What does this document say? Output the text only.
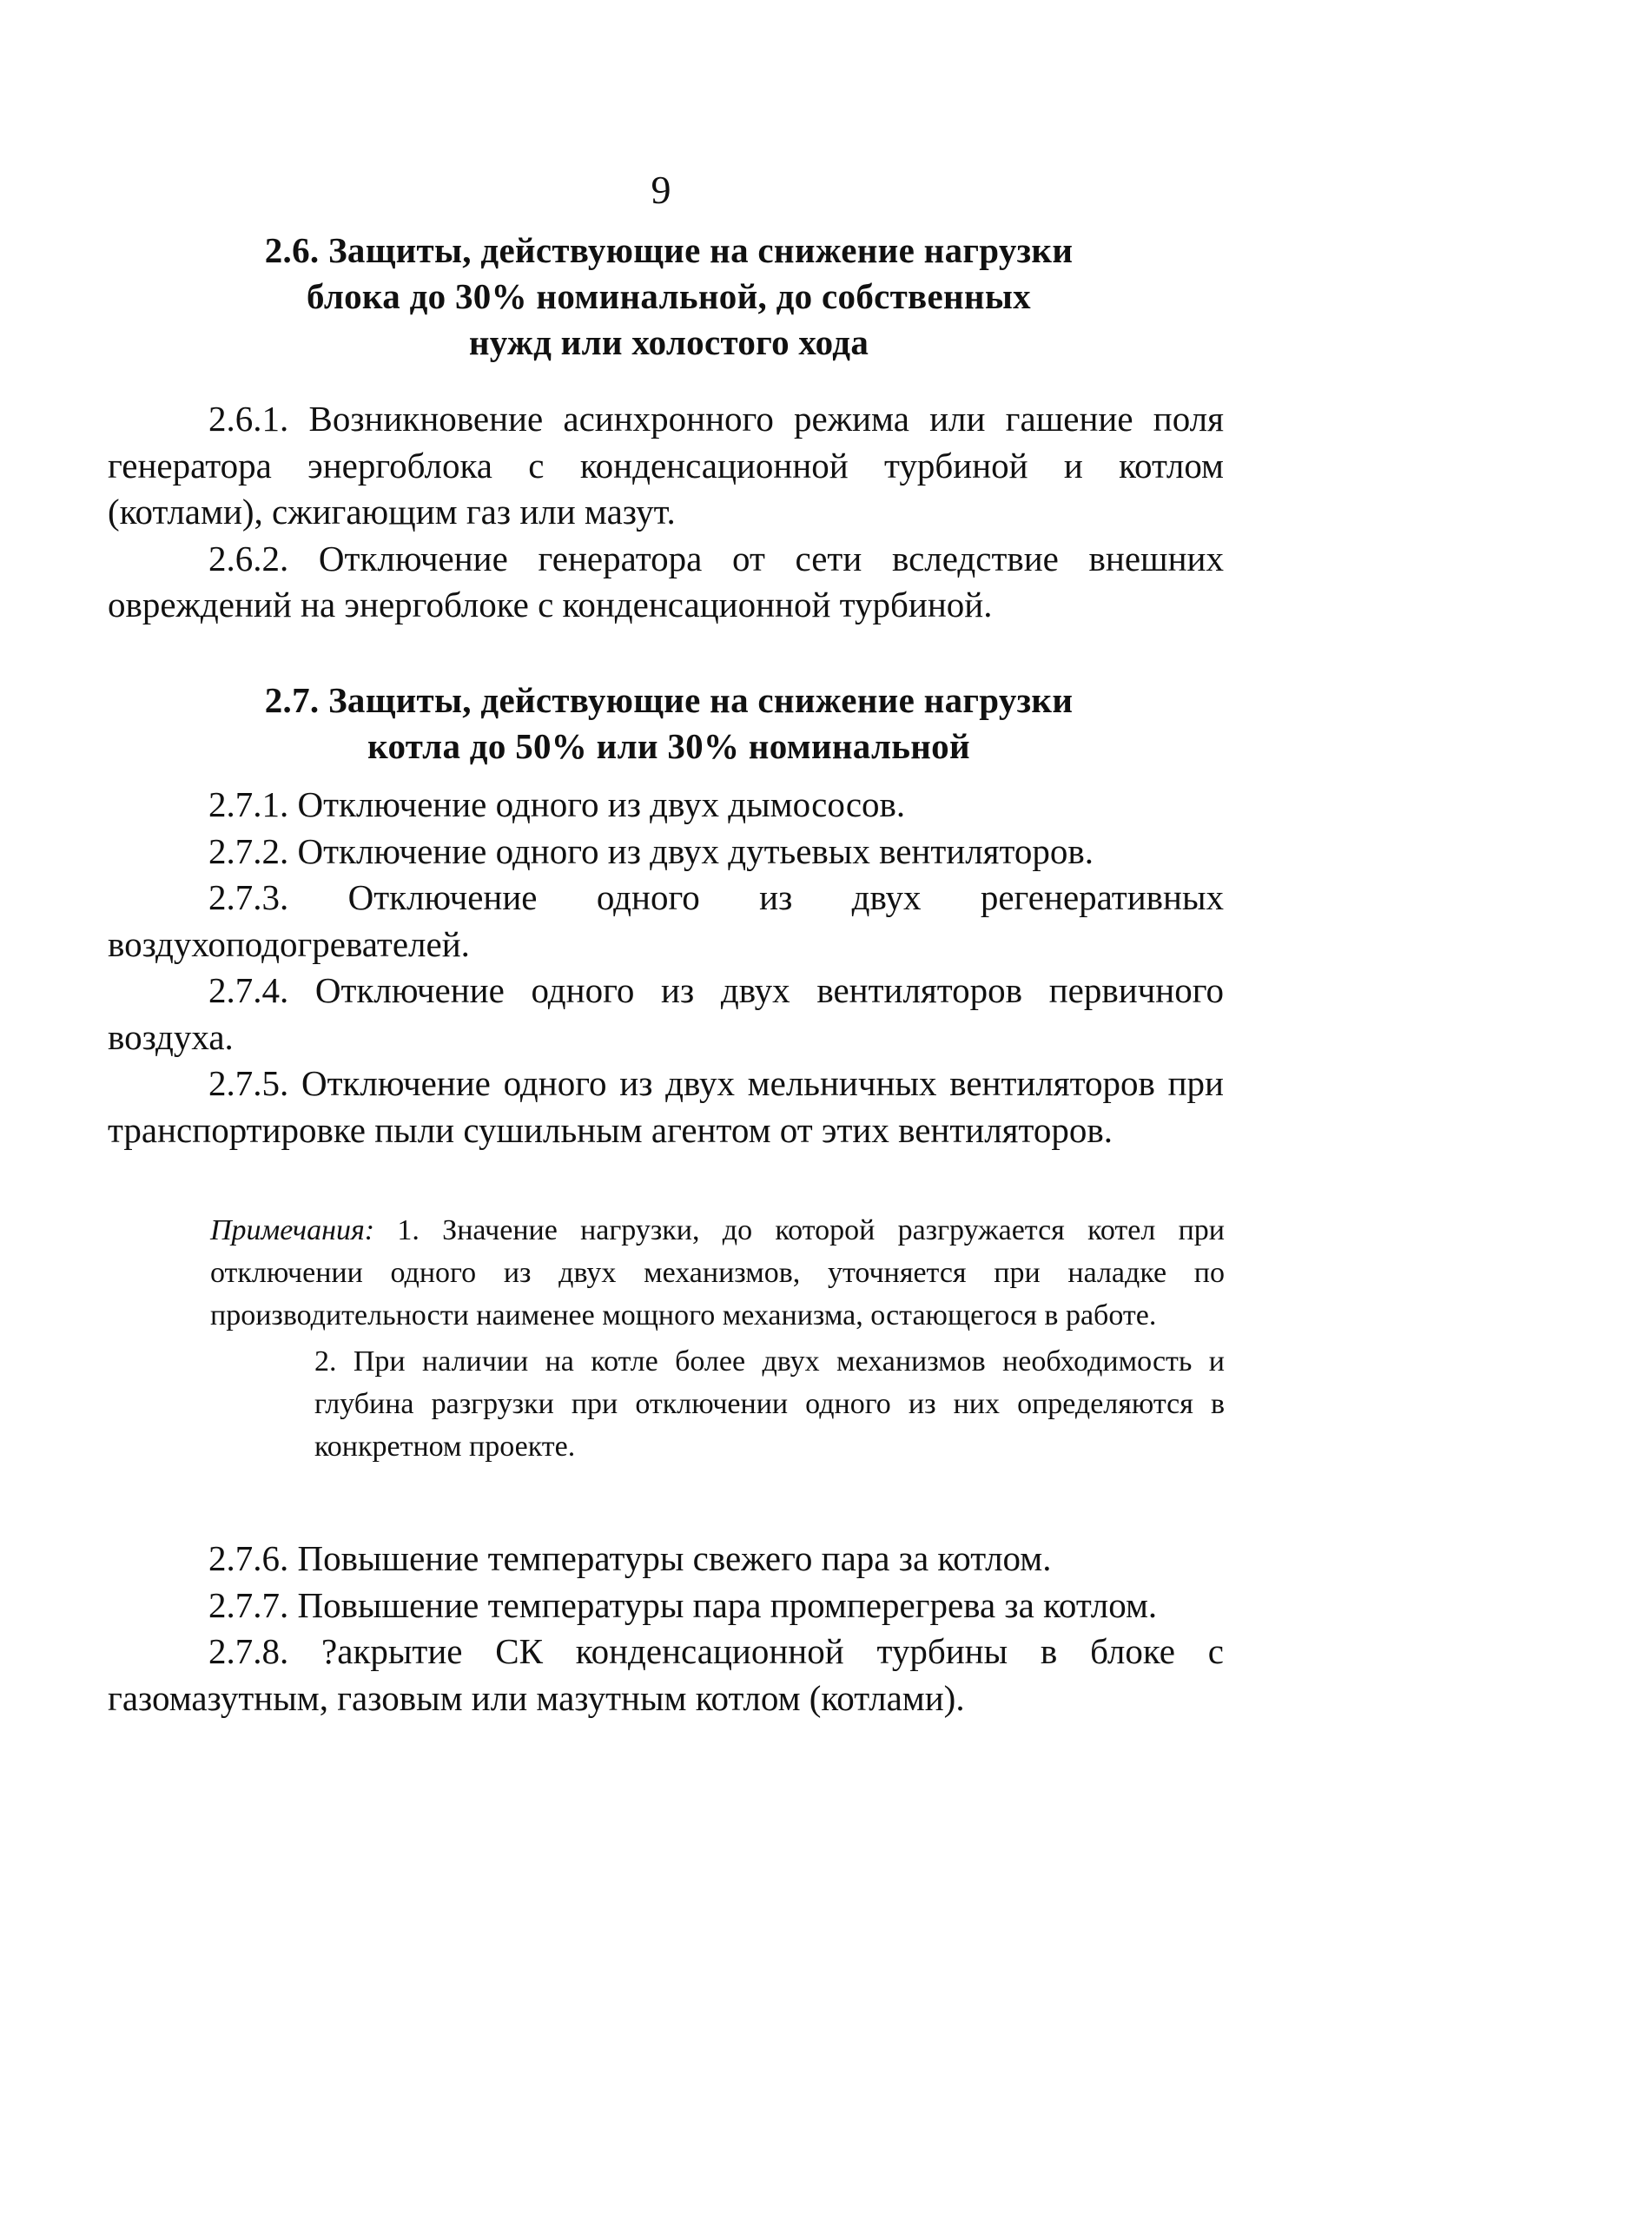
9
2.6. Защиты, действующие на снижение нагрузки
блока до 30% номинальной, до собственных
нужд или холостого хода

2.6.1. Возникновение асинхронного режима или гашение поля генератора энергоблока с конденсационной турбиной и котлом (котлами), сжигающим газ или мазут.

2.6.2. Отключение генератора от сети вследствие внешних овреждений на энергоблоке с конденсационной турбиной.

2.7. Защиты, действующие на снижение нагрузки
котла до 50% или 30% номинальной

2.7.1. Отключение одного из двух дымососов.

2.7.2. Отключение одного из двух дутьевых вентиляторов.

2.7.3. Отключение одного из двух регенеративных воздухоподогревателей.

2.7.4. Отключение одного из двух вентиляторов первичного воздуха.

2.7.5. Отключение одного из двух мельничных вентиляторов при транспортировке пыли сушильным агентом от этих вентиляторов.

Примечания: 1. Значение нагрузки, до которой разгружается котел при отключении одного из двух механизмов, уточняется при наладке по производительности наименее мощного механизма, остающегося в работе.

2. При наличии на котле более двух механизмов необходимость и глубина разгрузки при отключении одного из них определяются в конкретном проекте.

2.7.6. Повышение температуры свежего пара за котлом.

2.7.7. Повышение температуры пара промперегрева за котлом.

2.7.8. ?акрытие СК конденсационной турбины в блоке с газомазутным, газовым или мазутным котлом (котлами).
